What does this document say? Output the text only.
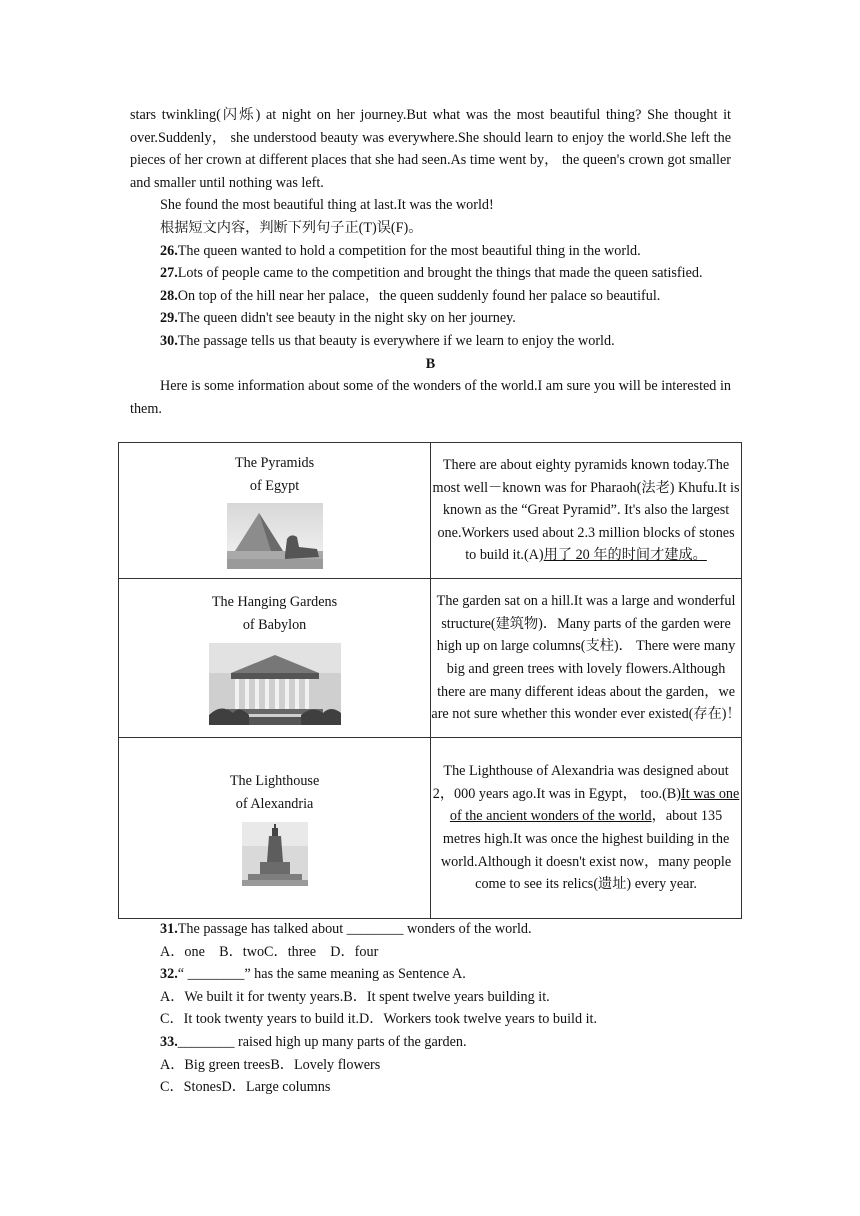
stars twinkling(闪烁) at night on her journey.But what was the most beautiful thing? She thought it over.Suddenly， she understood beauty was everywhere.She should learn to enjoy the world.She left the pieces of her crown at different places that she had seen.As time went by， the queen's crown got smaller and smaller until nothing was left.

She found the most beautiful thing at last.It was the world!

根据短文内容，判断下列句子正(T)误(F)。

26.The queen wanted to hold a competition for the most beautiful thing in the world.

27.Lots of people came to the competition and brought the things that made the queen satisfied.

28.On top of the hill near her palace，the queen suddenly found her palace so beautiful.

29.The queen didn't see beauty in the night sky on her journey.

30.The passage tells us that beauty is everywhere if we learn to enjoy the world.

B

Here is some information about some of the wonders of the world.I am sure you will be interested in them.

The Pyramids
of Egypt	There are about eighty pyramids known today.The most well－known was for Pharaoh(法老) Khufu.It is known as the “Great Pyramid”. It's also the largest one.Workers used about 2.3 million blocks of stones to build it.(A)用了 20 年的时间才建成。

The Hanging Gardens
of Babylon	The garden sat on a hill.It was a large and wonderful structure(建筑物)．Many parts of the garden were high up on large columns(支柱)． There were many big and green trees with lovely flowers.Although there are many different ideas about the garden，we are not sure whether this wonder ever existed(存在)！

The Lighthouse
of Alexandria	The Lighthouse of Alexandria was designed about 2，000 years ago.It was in Egypt， too.(B)It was one of the ancient wonders of the world，about 135 metres high.It was once the highest building in the world.Although it doesn't exist now，many people come to see its relics(遗址) every year.

31.The passage has talked about ________ wonders of the world.

A．one　B．twoC．three　D．four

32.“ ________” has the same meaning as Sentence A.

A．We built it for twenty years.B．It spent twelve years building it.

C．It took twenty years to build it.D．Workers took twelve years to build it.

33.________ raised high up many parts of the garden.

A．Big green treesB．Lovely flowers

C．StonesD．Large columns
